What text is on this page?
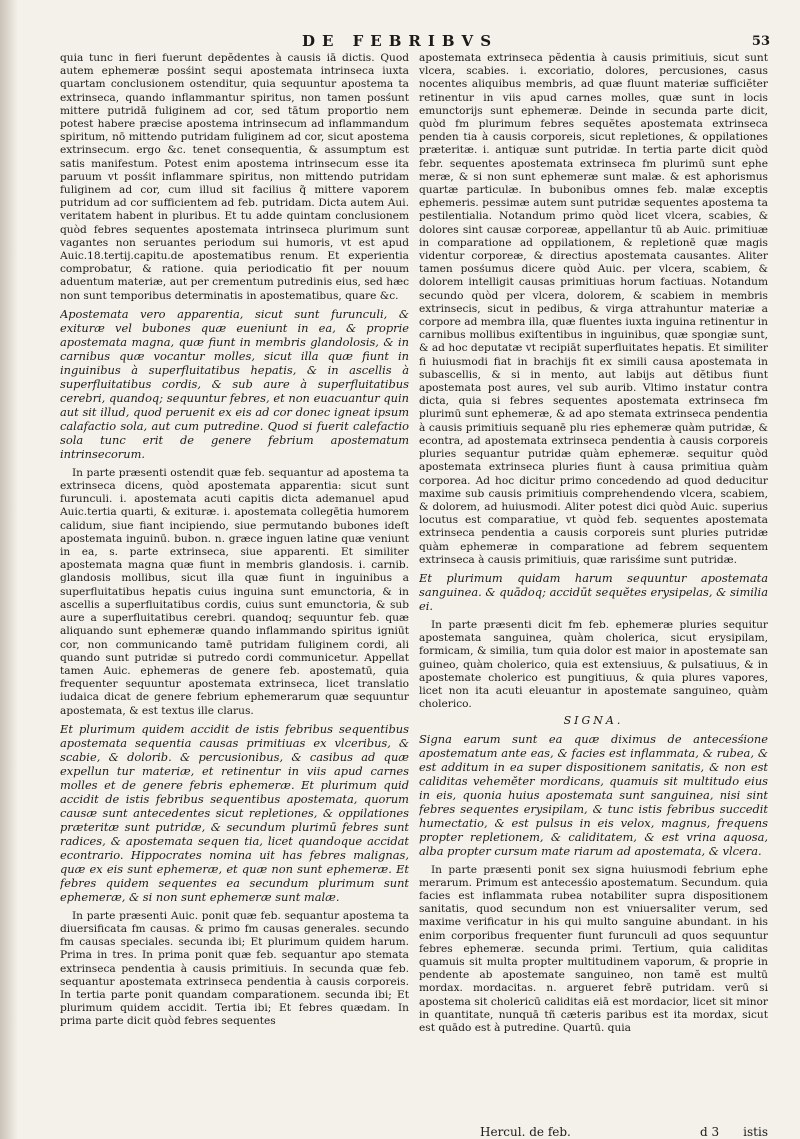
DE FEBRIBVS	53

quia tunc in fieri fuerunt depĕdentes à causis iā dictis. Quod autem ephemeræ posśint sequi apostemata intrinseca iuxta quartam conclusionem ostenditur, quia sequuntur apostema ta extrinseca, quando inflammantur spiritus, non tamen posśunt mittere putridā fuliginem ad cor, sed tātum proportio nem potest habere præcise apostema intrinsecum ad inflammandum spiritum, nō mittendo putridam fuliginem ad cor, sicut apostema extrinsecum. ergo &c. tenet consequentia, & assumptum est satis manifestum. Potest enim apostema intrinsecum esse ita paruum vt posśit inflammare spiritus, non mittendo putridam fuliginem ad cor, cum illud sit facilius q̃ mittere vaporem putridum ad cor sufficientem ad feb. putridam. Dicta autem Aui. veritatem habent in pluribus. Et tu adde quintam conclusionem quòd febres sequentes apostemata intrinseca plurimum sunt vagantes non seruantes periodum sui humoris, vt est apud Auic.18.tertij.capitu.de apostematibus renum. Et experientia comprobatur, & ratione. quia periodicatio fit per nouum aduentum materiæ, aut per crementum putredinis eius, sed hæc non sunt temporibus determinatis in apostematibus, quare &c.

Apostemata vero apparentia, sicut sunt furunculi, & exituræ vel bubones quæ eueniunt in ea, & proprie apostemata magna, quæ fiunt in membris glandolosis, & in carnibus quæ vocantur molles, sicut illa quæ fiunt in inguinibus à superfluitatibus hepatis, & in ascellis à superfluitatibus cordis, & sub aure à superfluitatibus cerebri, quandoq; sequuntur febres, et non euacuantur quin aut sit illud, quod peruenit ex eis ad cor donec igneat ipsum calafactio sola, aut cum putredine. Quod si fuerit calefactio sola tunc erit de genere febrium apostematum intrinsecorum.

In parte præsenti ostendit quæ feb. sequantur ad apostema ta extrinseca dicens, quòd apostemata apparentia: sicut sunt furunculi. i. apostemata acuti capitis dicta ademanuel apud Auic.tertia quarti, & exituræ. i. apostemata collegētia humorem calidum, siue fiant incipiendo, siue permutando bubones ideſt apostemata inguinū. bubon. n. græce inguen latine quæ veniunt in ea, s. parte extrinseca, siue apparenti. Et similiter apostemata magna quæ fiunt in membris glandosis. i. carnib. glandosis mollibus, sicut illa quæ fiunt in inguinibus a superfluitatibus hepatis cuius inguina sunt emunctoria, & in ascellis a superfluitatibus cordis, cuius sunt emunctoria, & sub aure a superfluitatibus cerebri. quandoq; sequuntur feb. quæ aliquando sunt ephemeræ quando inflammando spiritus igniūt cor, non communicando tamē putridam fuliginem cordi, ali quando sunt putridæ si putredo cordi communicetur. Appellat tamen Auic. ephemeras de genere feb. apostematū, quia frequenter sequuntur apostemata extrinseca, licet translatio iudaica dicat de genere febrium ephemerarum quæ sequuntur apostemata, & est textus ille clarus.

Et plurimum quidem accidit de istis febribus sequentibus apostemata sequentia causas primitiuas ex vlceribus, & scabie, & dolorib. & percusionibus, & casibus ad quæ expellun tur materiæ, et retinentur in viis apud carnes molles et de genere febris ephemeræ. Et plurimum quid accidit de istis febribus sequentibus apostemata, quorum causæ sunt antecedentes sicut repletiones, & oppilationes præteritæ sunt putridæ, & secundum plurimū febres sunt radices, & apostemata sequen tia, licet quandoque accidat econtrario. Hippocrates nomina uit has febres malignas, quæ ex eis sunt ephemeræ, et quæ non sunt ephemeræ. Et febres quidem sequentes ea secundum plurimum sunt ephemeræ, & si non sunt ephemeræ sunt malæ.

In parte præsenti Auic. ponit quæ feb. sequantur apostema ta diuersificata fm causas. & primo fm causas generales. secundo fm causas speciales. secunda ibi; Et plurimum quidem harum. Prima in tres. In prima ponit quæ feb. sequantur apo stemata extrinseca pendentia à causis primitiuis. In secunda quæ feb. sequantur apostemata extrinseca pendentia à causis corporeis. In tertia parte ponit quandam comparationem. secunda ibi; Et plurimum quidem accidit. Tertia ibi; Et febres quædam. In prima parte dicit quòd febres sequentes

apostemata extrinseca pĕdentia à causis primitiuis, sicut sunt vlcera, scabies. i. excoriatio, dolores, percusiones, casus nocentes aliquibus membris, ad quæ fluunt materiæ sufficiĕter retinentur in viis apud carnes molles, quæ sunt in locis emunctorijs sunt ephemeræ. Deinde in secunda parte dicit, quòd fm plurimum febres sequĕtes apostemata extrinseca penden tia à causis corporeis, sicut repletiones, & oppilationes præteritæ. i. antiquæ sunt putridæ. In tertia parte dicit quòd febr. sequentes apostemata extrinseca fm plurimū sunt ephe meræ, & si non sunt ephemeræ sunt malæ. & est aphorismus quartæ particulæ. In bubonibus omnes feb. malæ exceptis ephemeris. pessimæ autem sunt putridæ sequentes apostema ta pestilentialia. Notandum primo quòd licet vlcera, scabies, & dolores sint causæ corporeæ, appellantur tū ab Auic. primitiuæ in comparatione ad oppilationem, & repletionē quæ magis videntur corporeæ, & directius apostemata causantes. Aliter tamen posśumus dicere quòd Auic. per vlcera, scabiem, & dolorem intelligit causas primitiuas horum factiuas. Notandum secundo quòd per vlcera, dolorem, & scabiem in membris extrinsecis, sicut in pedibus, & virga attrahuntur materiæ a corpore ad membra illa, quæ fluentes iuxta inguina retinentur in carnibus mollibus exiſtentibus in inguinibus, quæ spongiæ sunt, & ad hoc deputatæ vt recipiāt superfluitates hepatis. Et similiter fi huiusmodi fiat in brachijs fit ex simili causa apostemata in subascellis, & si in mento, aut labijs aut dĕtibus fiunt apostemata post aures, vel sub aurib. Vltimo instatur contra dicta, quia si febres sequentes apostemata extrinseca fm plurimū sunt ephemeræ, & ad apo stemata extrinseca pendentia à causis primitiuis sequanē plu ries ephemeræ quàm putridæ, & econtra, ad apostemata extrinseca pendentia à causis corporeis pluries sequantur putridæ quàm ephemeræ. sequitur quòd apostemata extrinseca pluries fiunt à causa primitiua quàm corporea. Ad hoc dicitur primo concedendo ad quod deducitur maxime sub causis primitiuis comprehendendo vlcera, scabiem, & dolorem, ad huiusmodi. Aliter potest dici quòd Auic. superius locutus est comparatiue, vt quòd feb. sequentes apostemata extrinseca pendentia a causis corporeis sunt pluries putridæ quàm ephemeræ in comparatione ad febrem sequentem extrinseca à causis primitiuis, quæ rarisśime sunt putridæ.

Et plurimum quidam harum sequuntur apostemata sanguinea. & quādoq; accidūt sequĕtes erysipelas, & similia ei.

In parte præsenti dicit fm feb. ephemeræ pluries sequitur apostemata sanguinea, quàm cholerica, sicut erysipilam, formicam, & similia, tum quia dolor est maior in apostemate san guineo, quàm cholerico, quia est extensiuus, & pulsatiuus, & in apostemate cholerico est pungitiuus, & quia plures vapores, licet non ita acuti eleuantur in apostemate sanguineo, quàm cholerico.

SIGNA.

Signa earum sunt ea quæ diximus de antecesśione apostematum ante eas, & facies est inflammata, & rubea, & est additum in ea super dispositionem sanitatis, & non est caliditas vehemĕter mordicans, quamuis sit multitudo eius in eis, quonia huius apostemata sunt sanguinea, nisi sint febres sequentes erysipilam, & tunc istis febribus succedit humectatio, & est pulsus in eis velox, magnus, frequens propter repletionem, & caliditatem, & est vrina aquosa, alba propter cursum mate riarum ad apostemata, & vlcera.

In parte præsenti ponit sex signa huiusmodi febrium ephe merarum. Primum est antecesśio apostematum. Secundum. quia facies est inflammata rubea notabiliter supra dispositionem sanitatis, quod secundum non est vniuersaliter verum, sed maxime verificatur in his qui multo sanguine abundant. in his enim corporibus frequenter fiunt furunculi ad quos sequuntur febres ephemeræ. secunda primi. Tertium, quia caliditas quamuis sit multa propter multitudinem vaporum, & proprie in pendente ab apostemate sanguineo, non tamĕ est multū mordax. mordacitas. n. argueret febrē putridam. verū si apostema sit cholericū caliditas eiā est mordacior, licet sit minor in quantitate, nunquā tñ cæteris paribus est ita mordax, sicut est quādo est à putredine. Quartū. quia

Hercul. de feb.	d 3 istis
